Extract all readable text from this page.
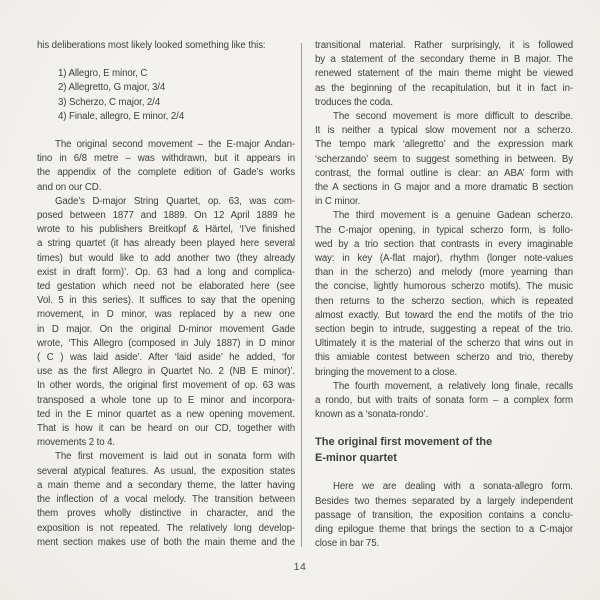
his deliberations most likely looked something like this:
1) Allegro, E minor, C
2) Allegretto, G major, 3/4
3) Scherzo, C major, 2/4
4) Finale, allegro, E minor, 2/4
The original second movement – the E-major Andan-
tino in 6/8 metre – was withdrawn, but it appears in
the appendix of the complete edition of Gade’s works
and on our CD.
Gade’s D-major String Quartet, op. 63, was com-
posed between 1877 and 1889. On 12 April 1889 he
wrote to his publishers Breitkopf & Härtel, ‘I’ve finished
a string quartet (it has already been played here several
times) but would like to add another two (they already
exist in draft form)’. Op. 63 had a long and complica-
ted gestation which need not be elaborated here (see
Vol. 5 in this series). It suffices to say that the opening
movement, in D minor, was replaced by a new one
in D major. On the original D-minor movement Gade
wrote, ‘This Allegro (composed in July 1887) in D minor
( C ) was laid aside’. After ‘laid aside’ he added, ‘for
use as the first Allegro in Quartet No. 2 (NB E minor)’.
In other words, the original first movement of op. 63 was
transposed a whole tone up to E minor and incorpora-
ted in the E minor quartet as a new opening movement.
That is how it can be heard on our CD, together with
movements 2 to 4.
The first movement is laid out in sonata form with
several atypical features. As usual, the exposition states
a main theme and a secondary theme, the latter having
the inflection of a vocal melody. The transition between
them proves wholly distinctive in character, and the
exposition is not repeated. The relatively long develop-
ment section makes use of both the main theme and the
transitional material. Rather surprisingly, it is followed
by a statement of the secondary theme in B major. The
renewed statement of the main theme might be viewed
as the beginning of the recapitulation, but it in fact in-
troduces the coda.
The second movement is more difficult to describe.
It is neither a typical slow movement nor a scherzo.
The tempo mark ‘allegretto’ and the expression mark
‘scherzando’ seem to suggest something in between. By
contrast, the formal outline is clear: an ABA’ form with
the A sections in G major and a more dramatic B section
in C minor.
The third movement is a genuine Gadean scherzo.
The C-major opening, in typical scherzo form, is follo-
wed by a trio section that contrasts in every imaginable
way: in key (A-flat major), rhythm (longer note-values
than in the scherzo) and melody (more yearning than
the concise, lightly humorous scherzo motifs). The music
then returns to the scherzo section, which is repeated
almost exactly. But toward the end the motifs of the trio
section begin to intrude, suggesting a repeat of the trio.
Ultimately it is the material of the scherzo that wins out in
this amiable contest between scherzo and trio, thereby
bringing the movement to a close.
The fourth movement, a relatively long finale, recalls
a rondo, but with traits of sonata form – a complex form
known as a ‘sonata-rondo’.
The original first movement of the
E-minor quartet
Here we are dealing with a sonata-allegro form.
Besides two themes separated by a largely independent
passage of transition, the exposition contains a conclu-
ding epilogue theme that brings the section to a C-major
close in bar 75.
14
